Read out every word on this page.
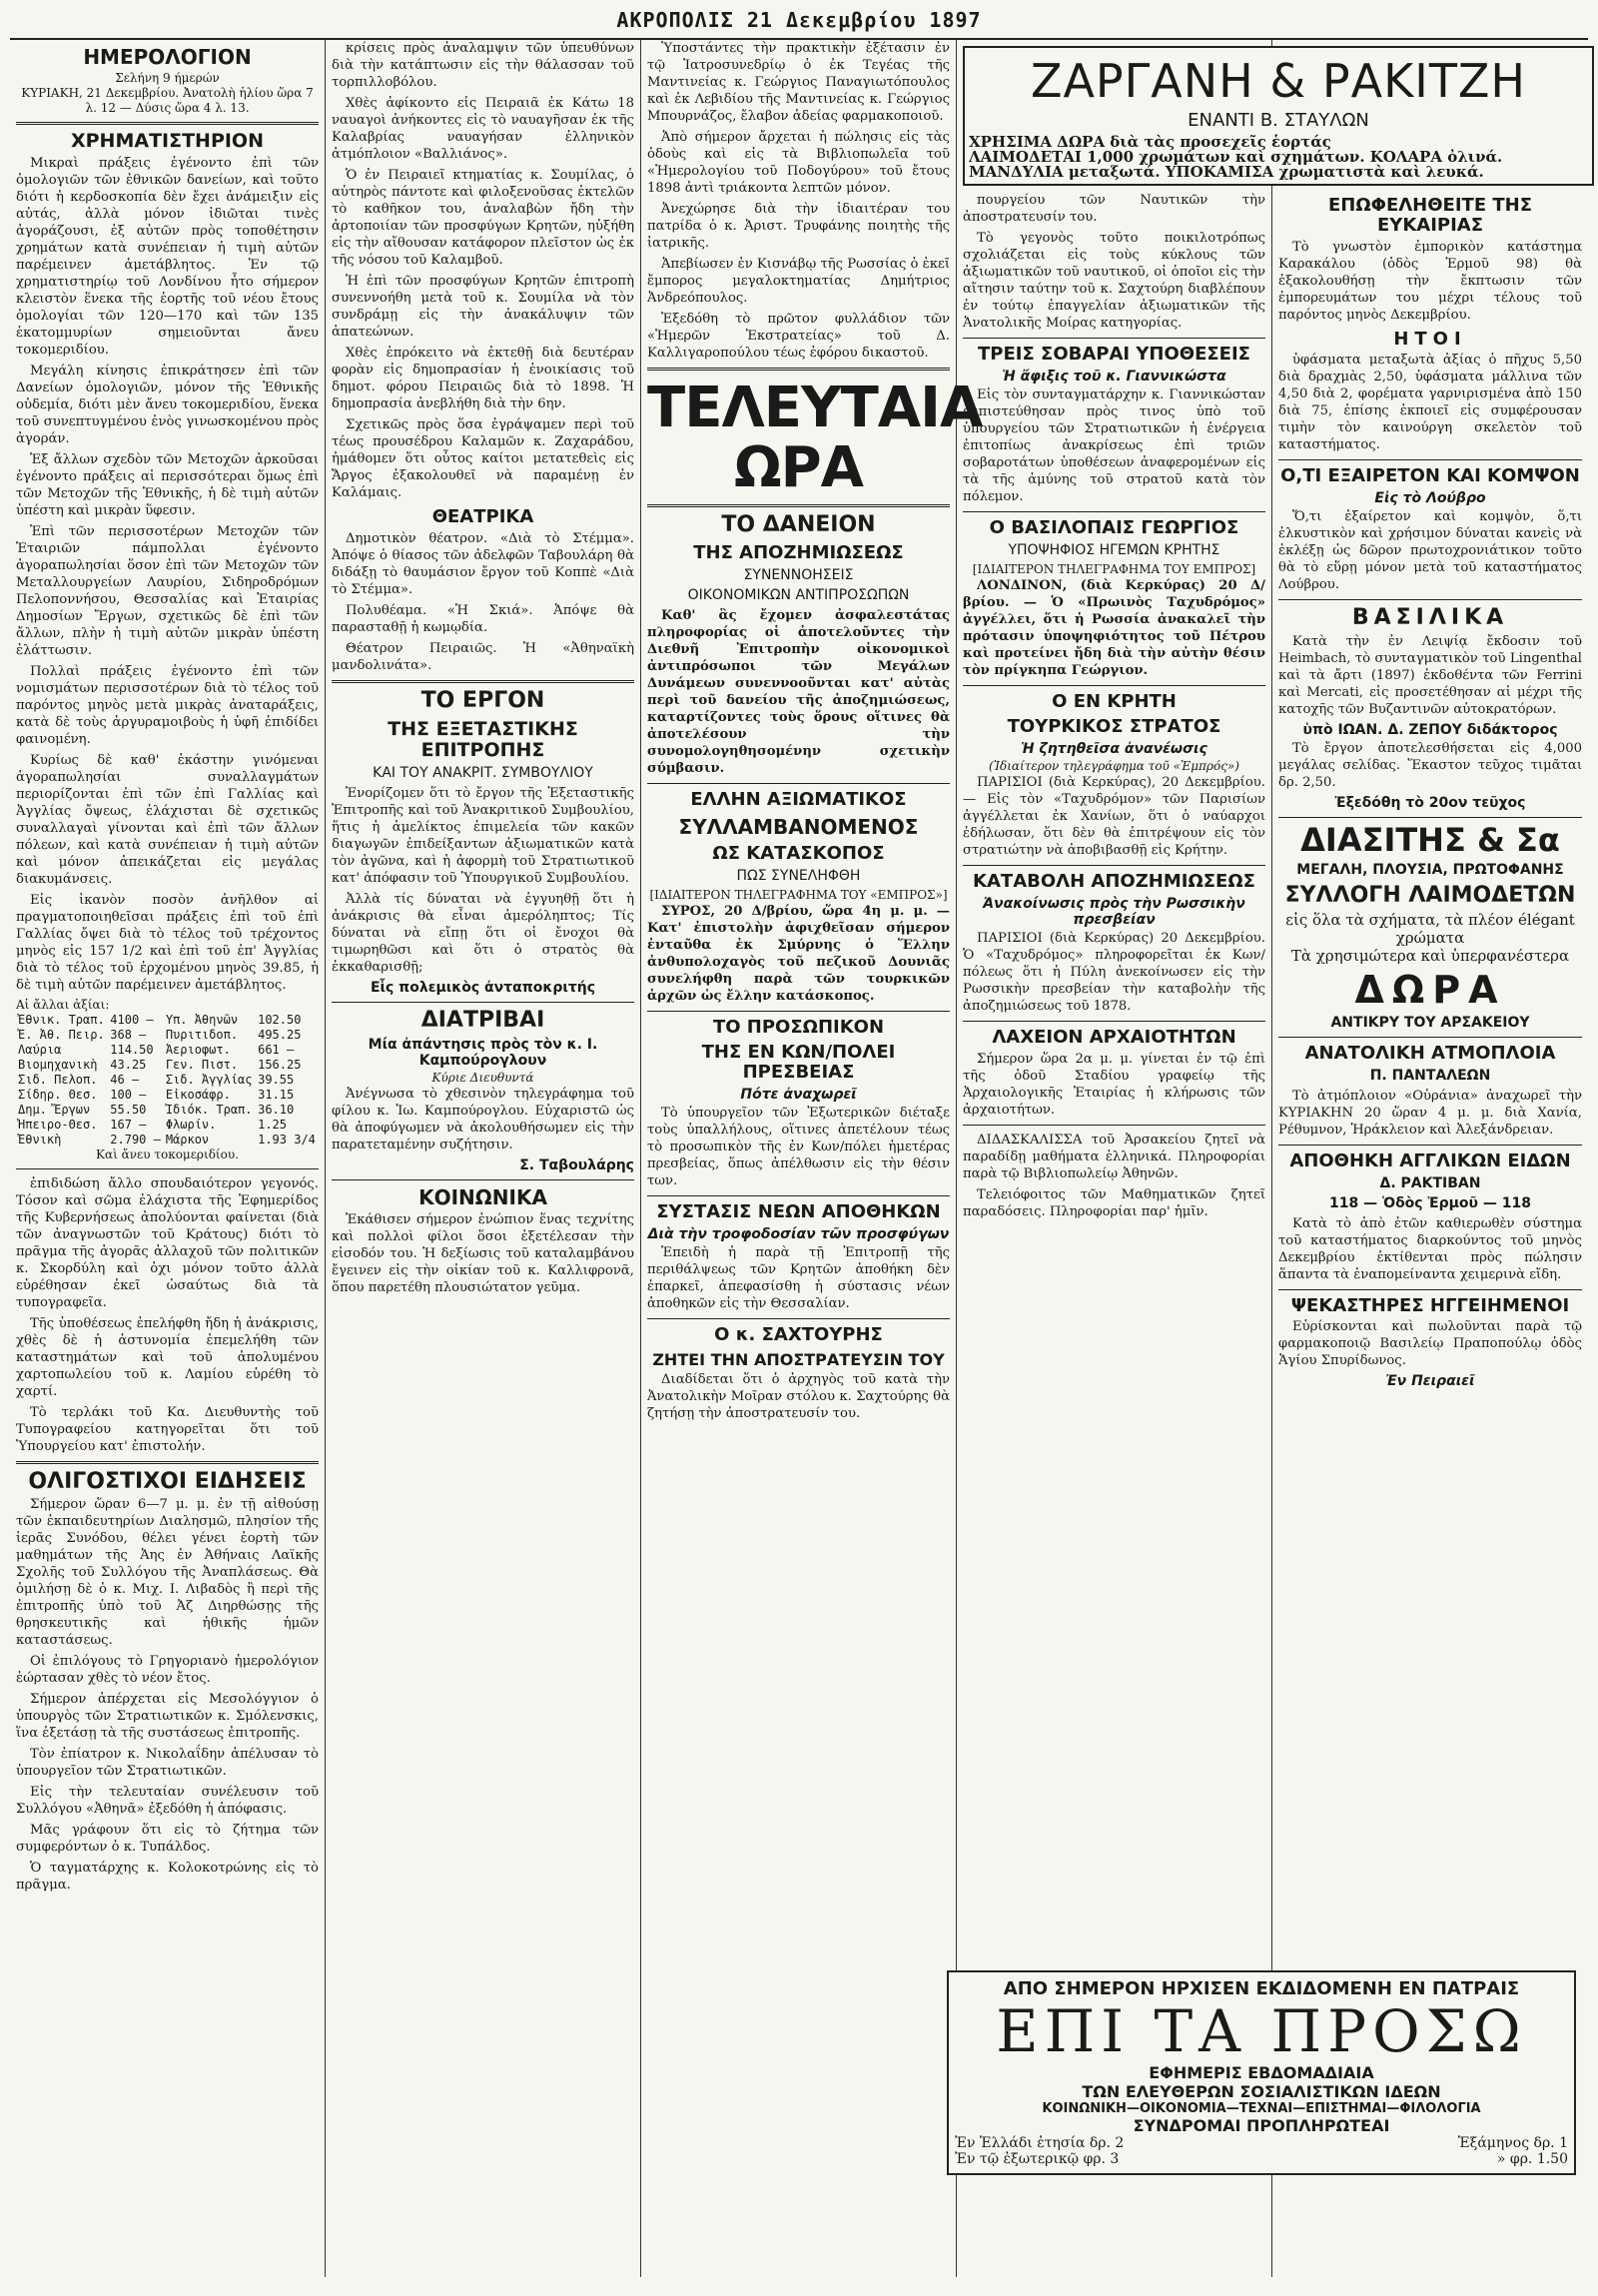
ΑΚΡΟΠΟΛΙΣ 21 Δεκεμβρίου 1897
ΗΜΕΡΟΛΟΓΙΟΝ
Σελήνη 9 ήμερών
ΚΥΡΙΑΚΗ, 21 Δεκεμβρίου. Ἀνατολὴ ἡλίου ὥρα 7 λ. 12 — Δύσις ὥρα 4 λ. 13.
ΧΡΗΜΑΤΙΣΤΗΡΙΟΝ

Μικραὶ πράξεις ἐγένοντο ἐπὶ τῶν ὁμολογιῶν τῶν ἐθνικῶν δανείων, καὶ τοῦτο διότι ἡ κερδοσκοπία δὲν ἔχει ἀνάμειξιν εἰς αὐτάς, ἀλλὰ μόνον ἰδιῶται τινὲς ἀγοράζουσι, ἐξ αὐτῶν πρὸς τοποθέτησιν χρημάτων κατὰ συνέπειαν ἡ τιμὴ αὐτῶν παρέμεινεν ἀμετάβλητος. Ἐν τῷ χρηματιστηρίῳ τοῦ Λονδίνου ἦτο σήμερον κλειστὸν ἕνεκα τῆς ἑορτῆς τοῦ νέου ἔτους ὁμολογίαι τῶν 120—170 καὶ τῶν 135 ἑκατομμυρίων σημειοῦνται ἄνευ τοκομεριδίου.

Μεγάλη κίνησις ἐπικράτησεν ἐπὶ τῶν Δανείων ὁμολογιῶν, μόνον τῆς Ἐθνικῆς οὐδεμία, διότι μὲν ἄνευ τοκομεριδίου, ἕνεκα τοῦ συνεπτυγμένου ἐνὸς γινωσκομένου πρὸς ἀγοράν.

Ἐξ ἄλλων σχεδὸν τῶν Μετοχῶν ἀρκοῦσαι ἐγένοντο πράξεις αἱ περισσότεραι ὅμως ἐπὶ τῶν Μετοχῶν τῆς Ἐθνικῆς, ἡ δὲ τιμὴ αὐτῶν ὑπέστη καὶ μικρὰν ὕφεσιν.

Ἐπὶ τῶν περισσοτέρων Μετοχῶν τῶν Ἑταιριῶν πάμπολλαι ἐγένοντο ἀγοραπωλησίαι ὅσον ἐπὶ τῶν Μετοχῶν τῶν Μεταλλουργείων Λαυρίου, Σιδηροδρόμων Πελοποννήσου, Θεσσαλίας καὶ Ἑταιρίας Δημοσίων Ἔργων, σχετικῶς δὲ ἐπὶ τῶν ἄλλων, πλὴν ἡ τιμὴ αὐτῶν μικρὰν ὑπέστη ἐλάττωσιν.

Πολλαὶ πράξεις ἐγένοντο ἐπὶ τῶν νομισμάτων περισσοτέρων διὰ τὸ τέλος τοῦ παρόντος μηνὸς μετὰ μικρὰς ἀναταράξεις, κατὰ δὲ τοὺς ἀργυραμοιβοὺς ἡ ὑφῆ ἐπιδίδει φαινομένη.

Κυρίως δὲ καθ' ἑκάστην γινόμεναι ἀγοραπωλησίαι συναλλαγμάτων περιορίζονται ἐπὶ τῶν ἐπὶ Γαλλίας καὶ Ἀγγλίας ὄψεως, ἐλάχισται δὲ σχετικῶς συναλλαγαὶ γίνονται καὶ ἐπὶ τῶν ἄλλων πόλεων, καὶ κατὰ συνέπειαν ἡ τιμὴ αὐτῶν καὶ μόνον ἀπεικάζεται εἰς μεγάλας διακυμάνσεις.

Εἰς ἱκανὸν ποσὸν ἀνῆλθον αἱ πραγματοποιηθεῖσαι πράξεις ἐπὶ τοῦ ἐπὶ Γαλλίας ὄψει διὰ τὸ τέλος τοῦ τρέχοντος μηνὸς εἰς 157 1/2 καὶ ἐπὶ τοῦ ἐπ' Ἀγγλίας διὰ τὸ τέλος τοῦ ἐρχομένου μηνὸς 39.85, ἡ δὲ τιμὴ αὐτῶν παρέμεινεν ἀμετάβλητος.

Αἱ ἄλλαι ἀξίαι:
Ἐθνικ. Τραπ.	4100 —	Υπ. Ἀθηνῶν	102.50
Ἐ. Ἀθ. Πειρ.	368 —	Πυριτιδοπ.	495.25
Λαύρια	114.50	Ἀεριοφωτ.	661 —
Βιομηχανικὴ	43.25	Γεν. Πιστ.	156.25
Σιδ. Πελοπ.	46 —	Σιδ. Ἀγγλίας	39.55
Σίδηρ. Θεσ.	100 —	Εἰκοσάφρ.	31.15
Δημ. Ἔργων	55.50	Ἰδιόκ. Τραπ.	36.10
Ἠπειρο-Θεσ.	167 —	Φλωρίν.	1.25
Ἐθνικὴ	2.790 —	Μάρκον	1.93 3/4
Καὶ ἄνευ τοκομεριδίου.

ἐπιδιδώση ἄλλο σπουδαιότερον γεγονός. Τόσον καὶ σῶμα ἐλάχιστα τῆς Ἐφημερίδος τῆς Κυβερνήσεως ἀπολύονται φαίνεται (διὰ τῶν ἀναγνωστῶν τοῦ Κράτους) διότι τὸ πρᾶγμα τῆς ἀγορᾶς ἀλλαχοῦ τῶν πολιτικῶν κ. Σκορδύλη καὶ ὀχι μόνον τοῦτο ἀλλὰ εὑρέθησαν ἐκεῖ ὡσαύτως διὰ τὰ τυπογραφεῖα.

Τῆς ὑποθέσεως ἐπελήφθη ἤδη ἡ ἀνάκρισις, χθὲς δὲ ἡ ἀστυνομία ἐπεμελήθη τῶν καταστημάτων καὶ τοῦ ἀπολυμένου χαρτοπωλείου τοῦ κ. Λαμίου εὑρέθη τὸ χαρτί.

Τὸ τερλάκι τοῦ Κα. Διευθυντὴς τοῦ Τυπογραφείου κατηγορεῖται ὅτι τοῦ Ὑπουργείου κατ' ἐπιστολήν.

ΟΛΙΓΟΣΤΙΧΟΙ ΕΙΔΗΣΕΙΣ

Σήμερον ὥραν 6—7 μ. μ. ἐν τῇ αἰθούσῃ τῶν ἐκπαιδευτηρίων Διαλησμῶ, πλησίον τῆς ἱερᾶς Συνόδου, θέλει γένει ἑορτὴ τῶν μαθημάτων τῆς Ἀης ἐν Ἀθήναις Λαϊκῆς Σχολῆς τοῦ Συλλόγου τῆς Ἀναπλάσεως. Θὰ ὁμιλήσῃ δὲ ὁ κ. Μιχ. Ι. Λιβαδὸς ἢ περὶ τῆς ἐπιτροπῆς ὑπὸ τοῦ Ἀζ Διηρθώσῃς τῆς θρησκευτικῆς καὶ ἠθικῆς ἡμῶν καταστάσεως.

Οἱ ἐπιλόγους τὸ Γρηγοριανὸ ἡμερολόγιον ἑώρτασαν χθὲς τὸ νέον ἔτος.

Σήμερον ἀπέρχεται εἰς Μεσολόγγιον ὁ ὑπουργὸς τῶν Στρατιωτικῶν κ. Σμόλενσκις, ἵνα ἐξετάσῃ τὰ τῆς συστάσεως ἐπιτροπῆς.

Τὸν ἐπίατρον κ. Νικολαΐδην ἀπέλυσαν τὸ ὑπουργεῖον τῶν Στρατιωτικῶν.

Εἰς τὴν τελευταίαν συνέλευσιν τοῦ Συλλόγου «Ἀθηνᾶ» ἐξεδόθη ἡ ἀπόφασις.

Μᾶς γράφουν ὅτι εἰς τὸ ζήτημα τῶν συμφερόντων ὁ κ. Τυπάλδος.

Ὁ ταγματάρχης κ. Κολοκοτρώνης εἰς τὸ πρᾶγμα.

κρίσεις πρὸς ἀναλαμψιν τῶν ὑπευθύνων διὰ τὴν κατάπτωσιν εἰς τὴν θάλασσαν τοῦ τορπιλλοβόλου.

Χθὲς ἀφίκοντο εἰς Πειραιᾶ ἐκ Κάτω 18 ναυαγοὶ ἀνήκοντες εἰς τὸ ναυαγῆσαν ἐκ τῆς Καλαβρίας ναυαγήσαν ἐλληνικὸν ἀτμόπλοιον «Βαλλιάνος».

Ὁ ἐν Πειραιεῖ κτηματίας κ. Σουμίλας, ὁ αὐτηρὸς πάντοτε καὶ φιλοξενοῦσας ἐκτελῶν τὸ καθῆκον του, ἀναλαβὼν ἤδη τὴν ἀρτοποιίαν τῶν προσφύγων Κρητῶν, ηὐξήθη εἰς τὴν αἴθουσαν κατάφορον πλεῖστον ὡς ἐκ τῆς νόσου τοῦ Καλαμβοῦ.

Ἡ ἐπὶ τῶν προσφύγων Κρητῶν ἐπιτροπὴ συνεννοήθη μετὰ τοῦ κ. Σουμίλα νὰ τὸν συνδράμῃ εἰς τὴν ἀνακάλυψιν τῶν ἀπατεώνων.

Χθὲς ἐπρόκειτο νὰ ἐκτεθῇ διὰ δευτέραν φορὰν εἰς δημοπρασίαν ἡ ἐνοικίασις τοῦ δημοτ. φόρου Πειραιῶς διὰ τὸ 1898. Ἡ δημοπρασία ἀνεβλήθη διὰ τὴν 6ην.

Σχετικῶς πρὸς ὅσα ἐγράψαμεν περὶ τοῦ τέως προυσέδρου Καλαμῶν κ. Ζαχαράδου, ἠμάθομεν ὅτι οὗτος καίτοι μετατεθεὶς εἰς Ἄργος ἐξακολουθεῖ νὰ παραμένῃ ἐν Καλάμαις.

ΘΕΑΤΡΙΚΑ

Δημοτικὸν θέατρον. «Διὰ τὸ Στέμμα». Ἀπόψε ὁ θίασος τῶν ἀδελφῶν Ταβουλάρη θὰ διδάξῃ τὸ θαυμάσιον ἔργον τοῦ Κοππὲ «Διὰ τὸ Στέμμα».

Πολυθέαμα. «Ἡ Σκιά». Ἀπόψε θὰ παρασταθῇ ἡ κωμῳδία.

Θέατρον Πειραιῶς. Ἡ «Ἀθηναϊκὴ μανδολινάτα».

ΤΟ ΕΡΓΟΝ
ΤΗΣ ΕΞΕΤΑΣΤΙΚΗΣ ΕΠΙΤΡΟΠΗΣ
ΚΑΙ ΤΟΥ ΑΝΑΚΡΙΤ. ΣΥΜΒΟΥΛΙΟΥ

Ἐνορίζομεν ὅτι τὸ ἔργον τῆς Ἐξεταστικῆς Ἐπιτροπῆς καὶ τοῦ Ἀνακριτικοῦ Συμβουλίου, ἥτις ἡ ἀμελίκτος ἐπιμελεία τῶν κακῶν διαγωγῶν ἐπιδείξαντων ἀξιωματικῶν κατὰ τὸν ἀγῶνα, καὶ ἡ ἀφορμὴ τοῦ Στρατιωτικοῦ κατ' ἀπόφασιν τοῦ Ὑπουργικοῦ Συμβουλίου.

Ἀλλὰ τίς δύναται νὰ ἐγγυηθῇ ὅτι ἡ ἀνάκρισις θὰ εἶναι ἀμερόληπτος; Τίς δύναται νὰ εἴπῃ ὅτι οἱ ἔνοχοι θὰ τιμωρηθῶσι καὶ ὅτι ὁ στρατὸς θὰ ἐκκαθαρισθῇ;

Εἷς πολεμικὸς ἀνταποκριτής
ΔΙΑΤΡΙΒΑΙ
Μία ἀπάντησις πρὸς τὸν κ. Ι. Καμπούρογλουν
Κύριε Διευθυντά

Ἀνέγνωσα τὸ χθεσινὸν τηλεγράφημα τοῦ φίλου κ. Ἰω. Καμπούρογλου. Εὐχαριστῶ ὡς θὰ ἀποφύγωμεν νὰ ἀκολουθήσωμεν εἰς τὴν παρατεταμένην συζήτησιν.

Σ. Ταβουλάρης
ΚΟΙΝΩΝΙΚΑ

Ἐκάθισεν σήμερον ἐνώπιον ἕνας τεχνίτης καὶ πολλοὶ φίλοι ὅσοι ἐξετέλεσαν τὴν εἰσοδόν του. Ἡ δεξίωσις τοῦ καταλαμβάνου ἔγεινεν εἰς τὴν οἰκίαν τοῦ κ. Καλλιφρονᾶ, ὅπου παρετέθη πλουσιώτατον γεῦμα.

Ὑποστάντες τὴν πρακτικὴν ἐξέτασιν ἐν τῷ Ἰατροσυνεδρίῳ ὁ ἐκ Τεγέας τῆς Μαντινείας κ. Γεώργιος Παναγιωτόπουλος καὶ ἐκ Λεβιδίου τῆς Μαντινείας κ. Γεώργιος Μπουρνάζος, ἔλαβον ἀδείας φαρμακοποιοῦ.

Ἀπὸ σήμερον ἄρχεται ἡ πώλησις εἰς τὰς ὁδοὺς καὶ εἰς τὰ Βιβλιοπωλεῖα τοῦ «Ἡμερολογίου τοῦ Ποδογύρου» τοῦ ἔτους 1898 ἀντὶ τριάκοντα λεπτῶν μόνον.

Ἀνεχώρησε διὰ τὴν ἰδιαιτέραν του πατρίδα ὁ κ. Ἀριστ. Τρυφάνης ποιητὴς τῆς ἰατρικῆς.

Ἀπεβίωσεν ἐν Κισνάβῳ τῆς Ρωσσίας ὁ ἐκεῖ ἔμπορος μεγαλοκτηματίας Δημήτριος Ἀνδρεόπουλος.

Ἐξεδόθη τὸ πρῶτον φυλλάδιον τῶν «Ἡμερῶν Ἐκστρατείας» τοῦ Δ. Καλλιγαροπούλου τέως ἐφόρου δικαστοῦ.

ΤΕΛΕΥΤΑΙΑ ΩΡΑ
ΤΟ ΔΑΝΕΙΟΝ
ΤΗΣ ΑΠΟΖΗΜΙΩΣΕΩΣ
ΣΥΝΕΝΝΟΗΣΕΙΣ
ΟΙΚΟΝΟΜΙΚΩΝ ΑΝΤΙΠΡΟΣΩΠΩΝ

Καθ' ἃς ἔχομεν ἀσφαλεστάτας πληροφορίας οἱ ἀποτελοῦντες τὴν Διεθνῆ Ἐπιτροπὴν οἰκονομικοὶ ἀντιπρόσωποι τῶν Μεγάλων Δυνάμεων συνεννοοῦνται κατ' αὐτὰς περὶ τοῦ δανείου τῆς ἀποζημιώσεως, καταρτίζοντες τοὺς ὅρους οἵτινες θὰ ἀποτελέσουν τὴν συνομολογηθησομένην σχετικὴν σύμβασιν.

ΕΛΛΗΝ ΑΞΙΩΜΑΤΙΚΟΣ
ΣΥΛΛΑΜΒΑΝΟΜΕΝΟΣ
ΩΣ ΚΑΤΑΣΚΟΠΟΣ
ΠΩΣ ΣΥΝΕΛΗΦΘΗ
[ΙΔΙΑΙΤΕΡΟΝ ΤΗΛΕΓΡΑΦΗΜΑ ΤΟΥ «ΕΜΠΡΟΣ»]

ΣΥΡΟΣ, 20 Δ/βρίου, ὥρα 4η μ. μ. — Κατ' ἐπιστολὴν ἀφιχθεῖσαν σήμερον ἐνταῦθα ἐκ Σμύρνης ὁ Ἕλλην ἀνθυπολοχαγὸς τοῦ πεζικοῦ Δουνιᾶς συνελήφθη παρὰ τῶν τουρκικῶν ἀρχῶν ὡς ἔλλην κατάσκοπος.

ΤΟ ΠΡΟΣΩΠΙΚΟΝ
ΤΗΣ ΕΝ ΚΩΝ/ΠΟΛΕΙ ΠΡΕΣΒΕΙΑΣ
Πότε ἀναχωρεῖ

Τὸ ὑπουργεῖον τῶν Ἐξωτερικῶν διέταξε τοὺς ὑπαλλήλους, οἵτινες ἀπετέλουν τέως τὸ προσωπικὸν τῆς ἐν Κων/πόλει ἡμετέρας πρεσβείας, ὅπως ἀπέλθωσιν εἰς τὴν θέσιν των.

ΣΥΣΤΑΣΙΣ ΝΕΩΝ ΑΠΟΘΗΚΩΝ
Διὰ τὴν τροφοδοσίαν τῶν προσφύγων

Ἐπειδὴ ἡ παρὰ τῇ Ἐπιτροπῇ τῆς περιθάλψεως τῶν Κρητῶν ἀποθήκη δὲν ἐπαρκεῖ, ἀπεφασίσθη ἡ σύστασις νέων ἀποθηκῶν εἰς τὴν Θεσσαλίαν.

Ο κ. ΣΑΧΤΟΥΡΗΣ
ΖΗΤΕΙ ΤΗΝ ΑΠΟΣΤΡΑΤΕΥΣΙΝ ΤΟΥ

Διαδίδεται ὅτι ὁ ἀρχηγὸς τοῦ κατὰ τὴν Ἀνατολικὴν Μοῖραν στόλου κ. Σαχτούρης θὰ ζητήσῃ τὴν ἀποστρατευσίν του.

ΖΑΡΓΑΝΗ & ΡΑΚΙΤΖΗ
ΕΝΑΝΤΙ Β. ΣΤΑΥΛΩΝ
ΧΡΗΣΙΜΑ ΔΩΡΑ διὰ τὰς προσεχεῖς ἑορτάς
ΛΑΙΜΟΔΕΤΑΙ 1,000 χρωμάτων καὶ σχημάτων. ΚΟΛΑΡΑ ὀλινά.
ΜΑΝΔΥΛΙΑ μεταξωτά. ΥΠΟΚΑΜΙΣΑ χρωματιστὰ καὶ λευκά.

πουργείου τῶν Ναυτικῶν τὴν ἀποστρατευσίν του.

Τὸ γεγονὸς τοῦτο ποικιλοτρόπως σχολιάζεται εἰς τοὺς κύκλους τῶν ἀξιωματικῶν τοῦ ναυτικοῦ, οἱ ὁποῖοι εἰς τὴν αἴτησιν ταύτην τοῦ κ. Σαχτούρη διαβλέπουν ἐν τούτῳ ἐπαγγελίαν ἀξιωματικῶν τῆς Ἀνατολικῆς Μοίρας κατηγορίας.

ΤΡΕΙΣ ΣΟΒΑΡΑΙ ΥΠΟΘΕΣΕΙΣ
Ἡ ἄφιξις τοῦ κ. Γιαννικώστα

Εἰς τὸν συνταγματάρχην κ. Γιαννικώσταν ἐμπιστεύθησαν πρὸς τινος ὑπὸ τοῦ ὑπουργείου τῶν Στρατιωτικῶν ἡ ἐνέργεια ἐπιτοπίως ἀνακρίσεως ἐπὶ τριῶν σοβαροτάτων ὑποθέσεων ἀναφερομένων εἰς τὰ τῆς ἀμύνης τοῦ στρατοῦ κατὰ τὸν πόλεμον.

Ο ΒΑΣΙΛΟΠΑΙΣ ΓΕΩΡΓΙΟΣ
ΥΠΟΨΗΦΙΟΣ ΗΓΕΜΩΝ ΚΡΗΤΗΣ
[ΙΔΙΑΙΤΕΡΟΝ ΤΗΛΕΓΡΑΦΗΜΑ ΤΟΥ ΕΜΠΡΟΣ]

ΛΟΝΔΙΝΟΝ, (διὰ Κερκύρας) 20 Δ/βρίου. — Ὁ «Πρωινὸς Ταχυδρόμος» ἀγγέλλει, ὅτι ἡ Ρωσσία ἀνακαλεῖ τὴν πρότασιν ὑποψηφιότητος τοῦ Πέτρου καὶ προτείνει ἤδη διὰ τὴν αὐτὴν θέσιν τὸν πρίγκηπα Γεώργιον.

Ο ΕΝ ΚΡΗΤΗ
ΤΟΥΡΚΙΚΟΣ ΣΤΡΑΤΟΣ
Ἡ ζητηθεῖσα ἀνανέωσις
(Ἰδιαίτερον τηλεγράφημα τοῦ «Ἐμπρός»)

ΠΑΡΙΣΙΟΙ (διὰ Κερκύρας), 20 Δεκεμβρίου. — Εἰς τὸν «Ταχυδρόμον» τῶν Παρισίων ἀγγέλλεται ἐκ Χανίων, ὅτι ὁ ναύαρχοι ἐδήλωσαν, ὅτι δὲν θὰ ἐπιτρέψουν εἰς τὸν στρατιώτην νὰ ἀποβιβασθῇ εἰς Κρήτην.

ΚΑΤΑΒΟΛΗ ΑΠΟΖΗΜΙΩΣΕΩΣ
Ἀνακοίνωσις πρὸς τὴν Ρωσσικὴν πρεσβείαν

ΠΑΡΙΣΙΟΙ (διὰ Κερκύρας) 20 Δεκεμβρίου. Ὁ «Ταχυδρόμος» πληροφορεῖται ἐκ Κων/πόλεως ὅτι ἡ Πύλη ἀνεκοίνωσεν εἰς τὴν Ρωσσικὴν πρεσβείαν τὴν καταβολὴν τῆς ἀποζημιώσεως τοῦ 1878.

ΛΑΧΕΙΟΝ ΑΡΧΑΙΟΤΗΤΩΝ

Σήμερον ὥρα 2α μ. μ. γίνεται ἐν τῷ ἐπὶ τῆς ὁδοῦ Σταδίου γραφείῳ τῆς Ἀρχαιολογικῆς Ἑταιρίας ἡ κλήρωσις τῶν ἀρχαιοτήτων.

ΔΙΔΑΣΚΑΛΙΣΣΑ τοῦ Ἀρσακείου ζητεῖ νὰ παραδίδῃ μαθήματα ἑλληνικά. Πληροφορίαι παρὰ τῷ Βιβλιοπωλείῳ Ἀθηνῶν.

Τελειόφοιτος τῶν Μαθηματικῶν ζητεῖ παραδόσεις. Πληροφορίαι παρ' ἡμῖν.

ΕΠΩΦΕΛΗΘΕΙΤΕ ΤΗΣ ΕΥΚΑΙΡΙΑΣ

Τὸ γνωστὸν ἐμπορικὸν κατάστημα Καρακάλου (ὁδὸς Ἑρμοῦ 98) θὰ ἐξακολουθήσῃ τὴν ἔκπτωσιν τῶν ἐμπορευμάτων του μέχρι τέλους τοῦ παρόντος μηνὸς Δεκεμβρίου.

ΗΤΟΙ

ὑφάσματα μεταξωτὰ ἀξίας ὁ πῆχυς 5,50 διὰ δραχμὰς 2,50, ὑφάσματα μάλλινα τῶν 4,50 διὰ 2, φορέματα γαρνιρισμένα ἀπὸ 150 διὰ 75, ἐπίσης ἐκποιεῖ εἰς συμφέρουσαν τιμὴν τὸν καινούργη σκελετὸν τοῦ καταστήματος.

Ο,ΤΙ ΕΞΑΙΡΕΤΟΝ ΚΑΙ ΚΟΜΨΟΝ
Εἰς τὸ Λούβρο

Ὅ,τι ἐξαίρετον καὶ κομψὸν, ὅ,τι ἐλκυστικὸν καὶ χρήσιμον δύναται κανεὶς νὰ ἐκλέξῃ ὡς δῶρον πρωτοχρονιάτικον τοῦτο θὰ τὸ εὕρῃ μόνον μετὰ τοῦ καταστήματος Λούβρου.

ΒΑΣΙΛΙΚΑ

Κατὰ τὴν ἐν Λειψίᾳ ἔκδοσιν τοῦ Heimbach, τὸ συνταγματικὸν τοῦ Lingenthal καὶ τὰ ἄρτι (1897) ἐκδοθέντα τῶν Ferrini καὶ Mercati, εἰς προσετέθησαν αἱ μέχρι τῆς κατοχῆς τῶν Βυζαντινῶν αὐτοκρατόρων.

ὑπὸ ΙΩΑΝ. Δ. ΖΕΠΟΥ διδάκτορος

Τὸ ἔργον ἀποτελεσθήσεται εἰς 4,000 μεγάλας σελίδας. Ἕκαστον τεῦχος τιμᾶται δρ. 2,50.

Ἐξεδόθη τὸ 20ον τεῦχος
ΔΙΑΣΙΤΗΣ & Σα
ΜΕΓΑΛΗ, ΠΛΟΥΣΙΑ, ΠΡΩΤΟΦΑΝΗΣ
ΣΥΛΛΟΓΗ ΛΑΙΜΟΔΕΤΩΝ
εἰς ὅλα τὰ σχήματα, τὰ πλέον élégant χρώματα
Τὰ χρησιμώτερα καὶ ὑπερφανέστερα
ΔΩΡΑ
ΑΝΤΙΚΡΥ ΤΟΥ ΑΡΣΑΚΕΙΟΥ
ΑΝΑΤΟΛΙΚΗ ΑΤΜΟΠΛΟΙΑ
Π. ΠΑΝΤΑΛΕΩΝ

Τὸ ἀτμόπλοιον «Οὐράνια» ἀναχωρεῖ τὴν ΚΥΡΙΑΚΗΝ 20 ὥραν 4 μ. μ. διὰ Χανία, Ρέθυμνον, Ἡράκλειον καὶ Ἀλεξάνδρειαν.

ΑΠΟΘΗΚΗ ΑΓΓΛΙΚΩΝ ΕΙΔΩΝ
Δ. ΡΑΚΤΙΒΑΝ
118 — Ὁδὸς Ἑρμοῦ — 118

Κατὰ τὸ ἀπὸ ἐτῶν καθιερωθὲν σύστημα τοῦ καταστήματος διαρκούντος τοῦ μηνὸς Δεκεμβρίου ἐκτίθενται πρὸς πώλησιν ἅπαντα τὰ ἐναπομείναντα χειμερινὰ εἴδη.

ΨΕΚΑΣΤΗΡΕΣ ΗΓΓΕΙΗΜΕΝΟΙ

Εὑρίσκονται καὶ πωλοῦνται παρὰ τῷ φαρμακοποιῷ Βασιλείῳ Πραποπούλῳ ὁδὸς Ἁγίου Σπυρίδωνος.

Ἐν Πειραιεῖ
ΑΠΟ ΣΗΜΕΡΟΝ ΗΡΧΙΣΕΝ ΕΚΔΙΔΟΜΕΝΗ ΕΝ ΠΑΤΡΑΙΣ
ΕΠΙ ΤΑ ΠΡΟΣΩ
ΕΦΗΜΕΡΙΣ ΕΒΔΟΜΑΔΙΑΙΑ
ΤΩΝ ΕΛΕΥΘΕΡΩΝ ΣΟΣΙΑΛΙΣΤΙΚΩΝ ΙΔΕΩΝ
ΚΟΙΝΩΝΙΚΗ—ΟΙΚΟΝΟΜΙΑ—ΤΕΧΝΑΙ—ΕΠΙΣΤΗΜΑΙ—ΦΙΛΟΛΟΓΙΑ
ΣΥΝΔΡΟΜΑΙ ΠΡΟΠΛΗΡΩΤΕΑΙ
Ἐν Ἑλλάδι ἐτησία δρ. 2	Ἑξάμηνος δρ. 1
Ἐν τῷ ἐξωτερικῷ φρ. 3	» φρ. 1.50
